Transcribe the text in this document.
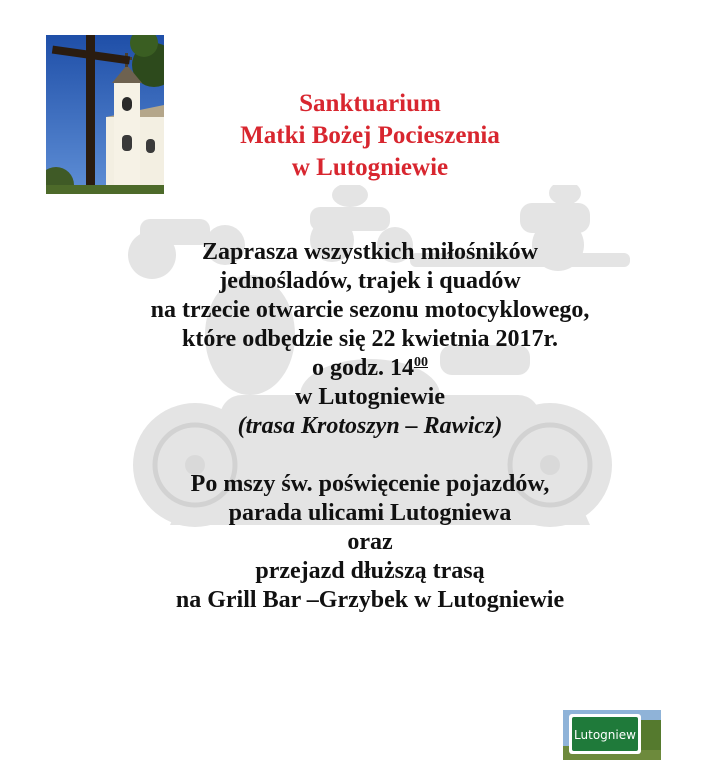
Sanktuarium
Matki Bożej Pocieszenia
w Lutogniewie
Zaprasza wszystkich miłośników
jednośladów, trajek i quadów
na trzecie otwarcie sezonu motocyklowego,
które odbędzie się 22 kwietnia 2017r.
o godz. $14^{00}$
w Lutogniewie
(trasa Krotoszyn – Rawicz)
Po mszy św. poświęcenie pojazdów,
parada ulicami Lutogniewa
oraz
przejazd dłuższą trasą
na Grill Bar –Grzybek w Lutogniewie
Lutogniew
